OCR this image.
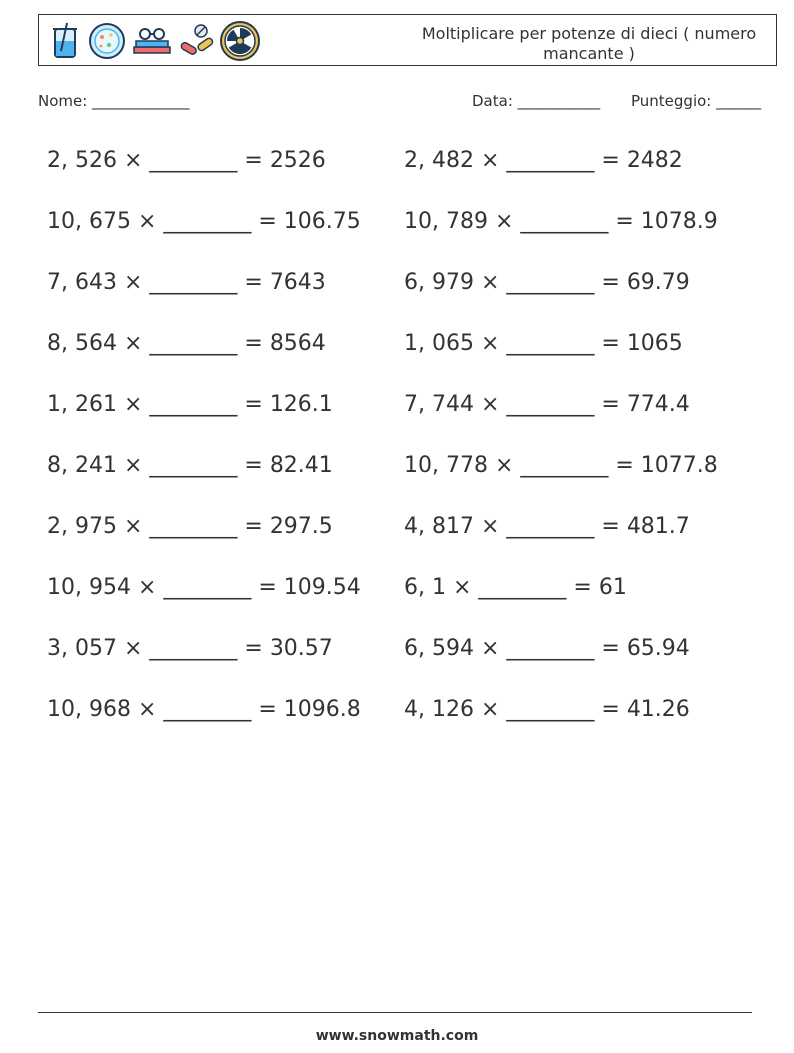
Moltiplicare per potenze di dieci ( numero mancante )
Nome: _____________	Data: ___________ Punteggio: ______
2, 526 × ________ = 2526
10, 675 × ________ = 106.75
7, 643 × ________ = 7643
8, 564 × ________ = 8564
1, 261 × ________ = 126.1
8, 241 × ________ = 82.41
2, 975 × ________ = 297.5
10, 954 × ________ = 109.54
3, 057 × ________ = 30.57
10, 968 × ________ = 1096.8
2, 482 × ________ = 2482
10, 789 × ________ = 1078.9
6, 979 × ________ = 69.79
1, 065 × ________ = 1065
7, 744 × ________ = 774.4
10, 778 × ________ = 1077.8
4, 817 × ________ = 481.7
6, 1 × ________ = 61
6, 594 × ________ = 65.94
4, 126 × ________ = 41.26
www.snowmath.com
